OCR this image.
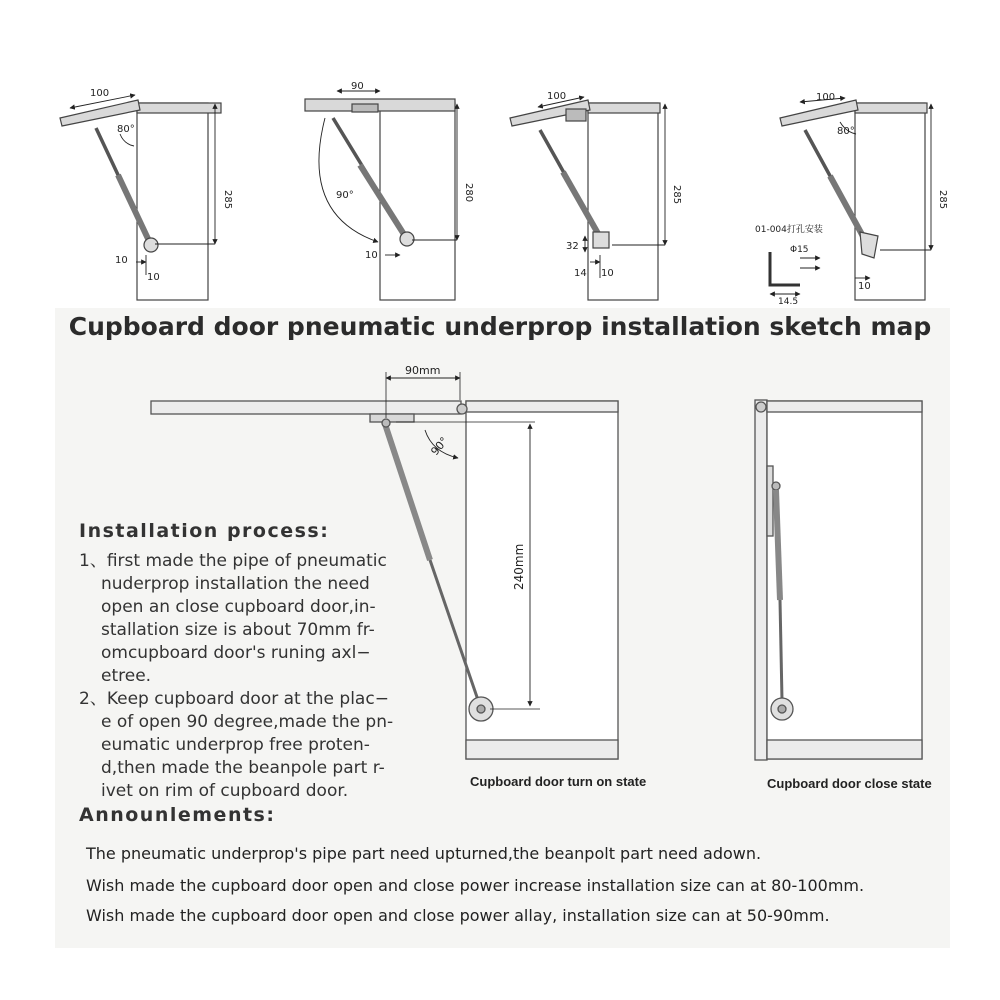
100
80°
285
10
10
90
90°	280
10
100
285
32
14 10
100
80°
285
10
01-004打孔安装
Φ15
14.5
90mm
90°
240mm
Cupboard door pneumatic underprop installation sketch map
Cupboard door turn on state	Cupboard door close state
Installation process:
1、first made the pipe of pneumatic
nuderprop installation the need
open an close cupboard door,in-
stallation size is about 70mm fr-
omcupboard door's runing axl−
etree.
2、Keep cupboard door at the plac−
e of open 90 degree,made the pn-
eumatic underprop free proten-
d,then made the beanpole part r-
ivet on rim of cupboard door.
Announlements:
The pneumatic underprop's pipe part need upturned,the beanpolt part need adown.
Wish made the cupboard door open and close power increase installation size can at 80-100mm.
Wish made the cupboard door open and close power allay, installation size can at 50-90mm.
